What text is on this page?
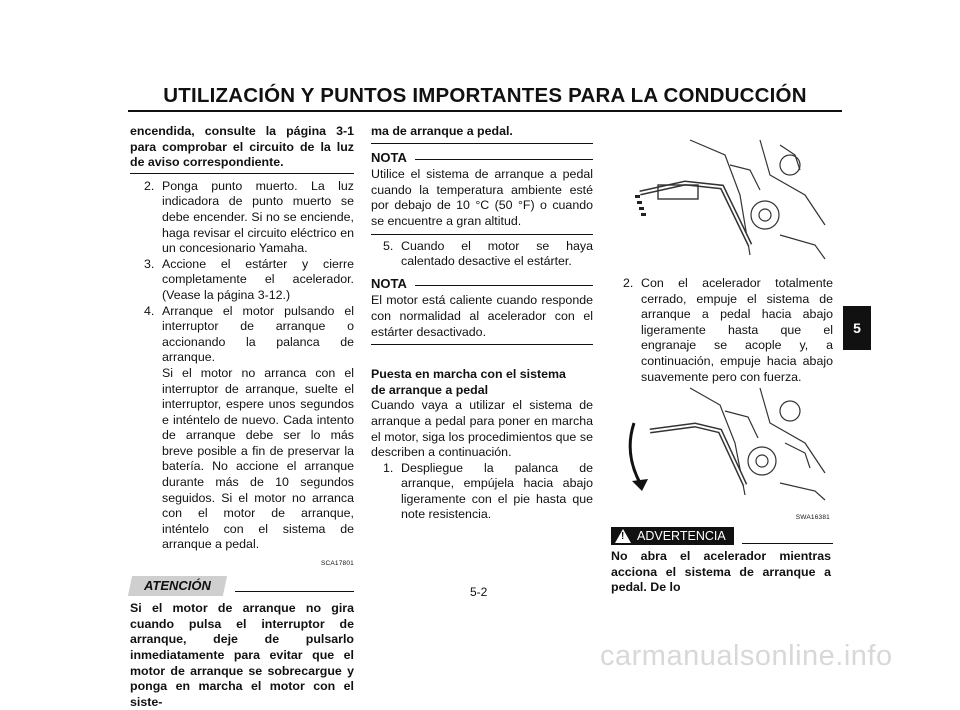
UTILIZACIÓN Y PUNTOS IMPORTANTES PARA LA CONDUCCIÓN
5

encendida, consulte la página 3-1 para comprobar el circuito de la luz de aviso correspondiente.

2. Ponga punto muerto. La luz indicadora de punto muerto se debe encender. Si no se enciende, haga revisar el circuito eléctrico en un concesionario Yamaha.
3. Accione el estárter y cierre completamente el acelerador. (Vease la página 3-12.)
4. Arranque el motor pulsando el interruptor de arranque o accionando la palanca de arranque.

Si el motor no arranca con el interruptor de arranque, suelte el interruptor, espere unos segundos e inténtelo de nuevo. Cada intento de arranque debe ser lo más breve posible a fin de preservar la batería. No accione el arranque durante más de 10 segundos seguidos. Si el motor no arranca con el motor de arranque, inténtelo con el sistema de arranque a pedal.

SCA17801
ATENCIÓN

Si el motor de arranque no gira cuando pulsa el interruptor de arranque, deje de pulsarlo inmediatamente para evitar que el motor de arranque se sobrecargue y ponga en marcha el motor con el siste-

ma de arranque a pedal.

NOTA

Utilice el sistema de arranque a pedal cuando la temperatura ambiente esté por debajo de 10 °C (50 °F) o cuando se encuentre a gran altitud.

5. Cuando el motor se haya calentado desactive el estárter.
NOTA

El motor está caliente cuando responde con normalidad al acelerador con el estárter desactivado.

Puesta en marcha con el sistema de arranque a pedal

Cuando vaya a utilizar el sistema de arranque a pedal para poner en marcha el motor, siga los procedimientos que se describen a continuación.

1. Despliegue la palanca de arranque, empújela hacia abajo ligeramente con el pie hasta que note resistencia.
2. Con el acelerador totalmente cerrado, empuje el sistema de arranque a pedal hacia abajo ligeramente hasta que el engranaje se acople y, a continuación, empuje hacia abajo suavemente pero con fuerza.
SWA16381
!
ADVERTENCIA

No abra el acelerador mientras acciona el sistema de arranque a pedal. De lo

5-2
carmanualsonline.info
